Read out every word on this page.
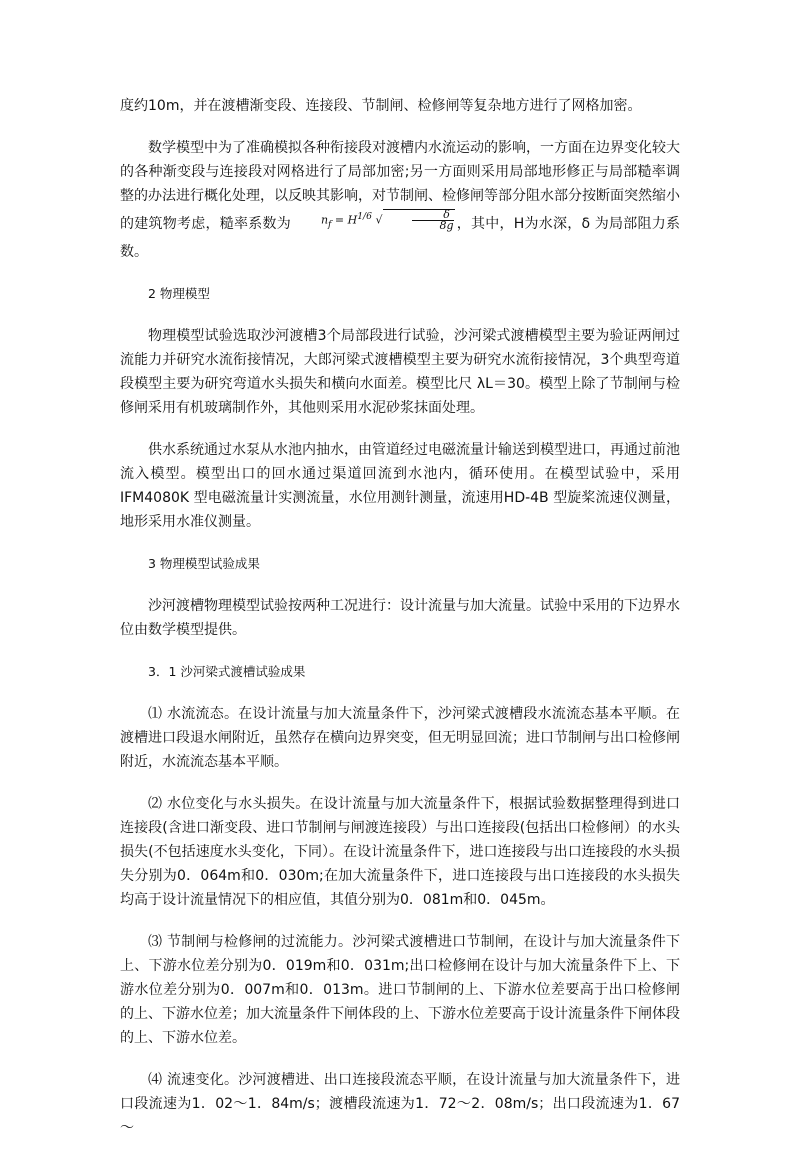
度约10m，并在渡槽渐变段、连接段、节制闸、检修闸等复杂地方进行了网格加密。

数学模型中为了准确模拟各种衔接段对渡槽内水流运动的影响，一方面在边界变化较大的各种渐变段与连接段对网格进行了局部加密;另一方面则采用局部地形修正与局部糙率调整的办法进行概化处理，以反映其影响，对节制闸、检修闸等部分阻水部分按断面突然缩小的建筑物考虑，糙率系数为	$n_f = H^{1/6}$ √	$\frac{\delta}{8g}$ ，其中，H为水深，δ 为局部阻力系数。

2 物理模型

物理模型试验选取沙河渡槽3个局部段进行试验，沙河梁式渡槽模型主要为验证两闸过流能力并研究水流衔接情况，大郎河梁式渡槽模型主要为研究水流衔接情况，3个典型弯道段模型主要为研究弯道水头损失和横向水面差。模型比尺 λL＝30。模型上除了节制闸与检修闸采用有机玻璃制作外，其他则采用水泥砂浆抹面处理。

供水系统通过水泵从水池内抽水，由管道经过电磁流量计输送到模型进口，再通过前池流入模型。模型出口的回水通过渠道回流到水池内，循环使用。在模型试验中，采用IFM4080K 型电磁流量计实测流量，水位用测针测量，流速用HD-4B 型旋桨流速仪测量，地形采用水准仪测量。

3 物理模型试验成果

沙河渡槽物理模型试验按两种工况进行：设计流量与加大流量。试验中采用的下边界水位由数学模型提供。

3．1 沙河梁式渡槽试验成果

⑴ 水流流态。在设计流量与加大流量条件下，沙河梁式渡槽段水流流态基本平顺。在渡槽进口段退水闸附近，虽然存在横向边界突变，但无明显回流；进口节制闸与出口检修闸附近，水流流态基本平顺。

⑵ 水位变化与水头损失。在设计流量与加大流量条件下，根据试验数据整理得到进口连接段(含进口渐变段、进口节制闸与闸渡连接段）与出口连接段(包括出口检修闸）的水头损失(不包括速度水头变化，下同）。在设计流量条件下，进口连接段与出口连接段的水头损失分别为0．064m和0．030m;在加大流量条件下，进口连接段与出口连接段的水头损失均高于设计流量情况下的相应值，其值分别为0．081m和0．045m。

⑶ 节制闸与检修闸的过流能力。沙河梁式渡槽进口节制闸，在设计与加大流量条件下上、下游水位差分别为0．019m和0．031m;出口检修闸在设计与加大流量条件下上、下游水位差分别为0．007m和0．013m。进口节制闸的上、下游水位差要高于出口检修闸的上、下游水位差；加大流量条件下闸体段的上、下游水位差要高于设计流量条件下闸体段的上、下游水位差。

⑷ 流速变化。沙河渡槽进、出口连接段流态平顺，在设计流量与加大流量条件下，进口段流速为1．02～1．84m/s；渡槽段流速为1．72～2．08m/s；出口段流速为1．67～
